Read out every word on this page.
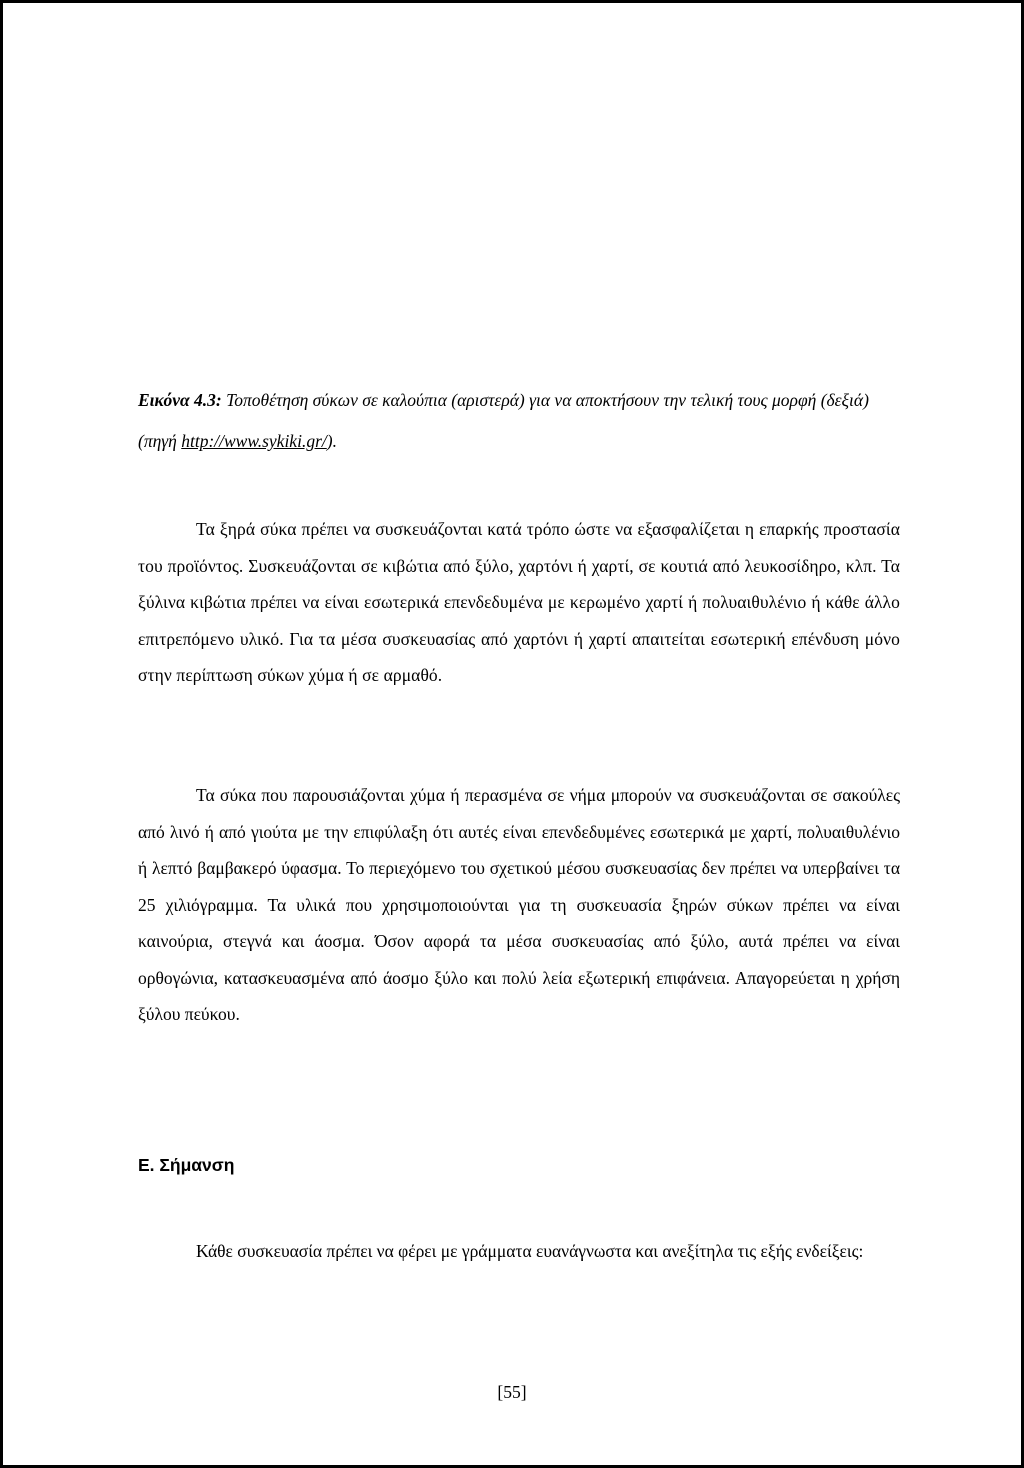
Εικόνα 4.3: Τοποθέτηση σύκων σε καλούπια (αριστερά) για να αποκτήσουν την τελική τους μορφή (δεξιά) (πηγή http://www.sykiki.gr/).
Τα ξηρά σύκα πρέπει να συσκευάζονται κατά τρόπο ώστε να εξασφαλίζεται η επαρκής προστασία του προϊόντος. Συσκευάζονται σε κιβώτια από ξύλο, χαρτόνι ή χαρτί, σε κουτιά από λευκοσίδηρο, κλπ. Τα ξύλινα κιβώτια πρέπει να είναι εσωτερικά επενδεδυμένα με κερωμένο χαρτί ή πολυαιθυλένιο ή κάθε άλλο επιτρεπόμενο υλικό. Για τα μέσα συσκευασίας από χαρτόνι ή χαρτί απαιτείται εσωτερική επένδυση μόνο στην περίπτωση σύκων χύμα ή σε αρμαθό.
Τα σύκα που παρουσιάζονται χύμα ή περασμένα σε νήμα μπορούν να συσκευάζονται σε σακούλες από λινό ή από γιούτα με την επιφύλαξη ότι αυτές είναι επενδεδυμένες εσωτερικά με χαρτί, πολυαιθυλένιο ή λεπτό βαμβακερό ύφασμα. Το περιεχόμενο του σχετικού μέσου συσκευασίας δεν πρέπει να υπερβαίνει τα 25 χιλιόγραμμα. Τα υλικά που χρησιμοποιούνται για τη συσκευασία ξηρών σύκων πρέπει να είναι καινούρια, στεγνά και άοσμα. Όσον αφορά τα μέσα συσκευασίας από ξύλο, αυτά πρέπει να είναι ορθογώνια, κατασκευασμένα από άοσμο ξύλο και πολύ λεία εξωτερική επιφάνεια. Απαγορεύεται η χρήση ξύλου πεύκου.
Ε. Σήμανση
Κάθε συσκευασία πρέπει να φέρει με γράμματα ευανάγνωστα και ανεξίτηλα τις εξής ενδείξεις:
[55]
